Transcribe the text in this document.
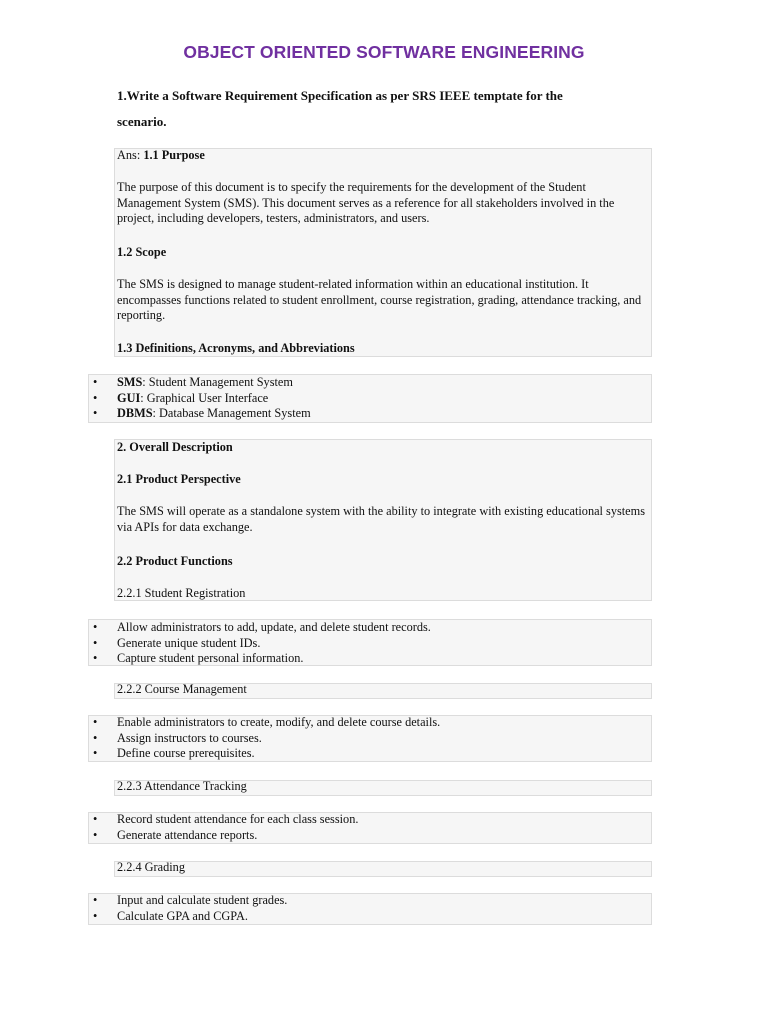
OBJECT ORIENTED SOFTWARE ENGINEERING
1.Write a Software Requirement Specification as per SRS IEEE temptate for the
scenario.
Ans: 1.1 Purpose
The purpose of this document is to specify the requirements for the development of the Student Management System (SMS). This document serves as a reference for all stakeholders involved in the project, including developers, testers, administrators, and users.
1.2 Scope
The SMS is designed to manage student-related information within an educational institution. It encompasses functions related to student enrollment, course registration, grading, attendance tracking, and reporting.
1.3 Definitions, Acronyms, and Abbreviations
• SMS: Student Management System
• GUI: Graphical User Interface
• DBMS: Database Management System
2. Overall Description
2.1 Product Perspective
The SMS will operate as a standalone system with the ability to integrate with existing educational systems via APIs for data exchange.
2.2 Product Functions
2.2.1 Student Registration
• Allow administrators to add, update, and delete student records.
• Generate unique student IDs.
• Capture student personal information.
2.2.2 Course Management
• Enable administrators to create, modify, and delete course details.
• Assign instructors to courses.
• Define course prerequisites.
2.2.3 Attendance Tracking
• Record student attendance for each class session.
• Generate attendance reports.
2.2.4 Grading
• Input and calculate student grades.
• Calculate GPA and CGPA.
